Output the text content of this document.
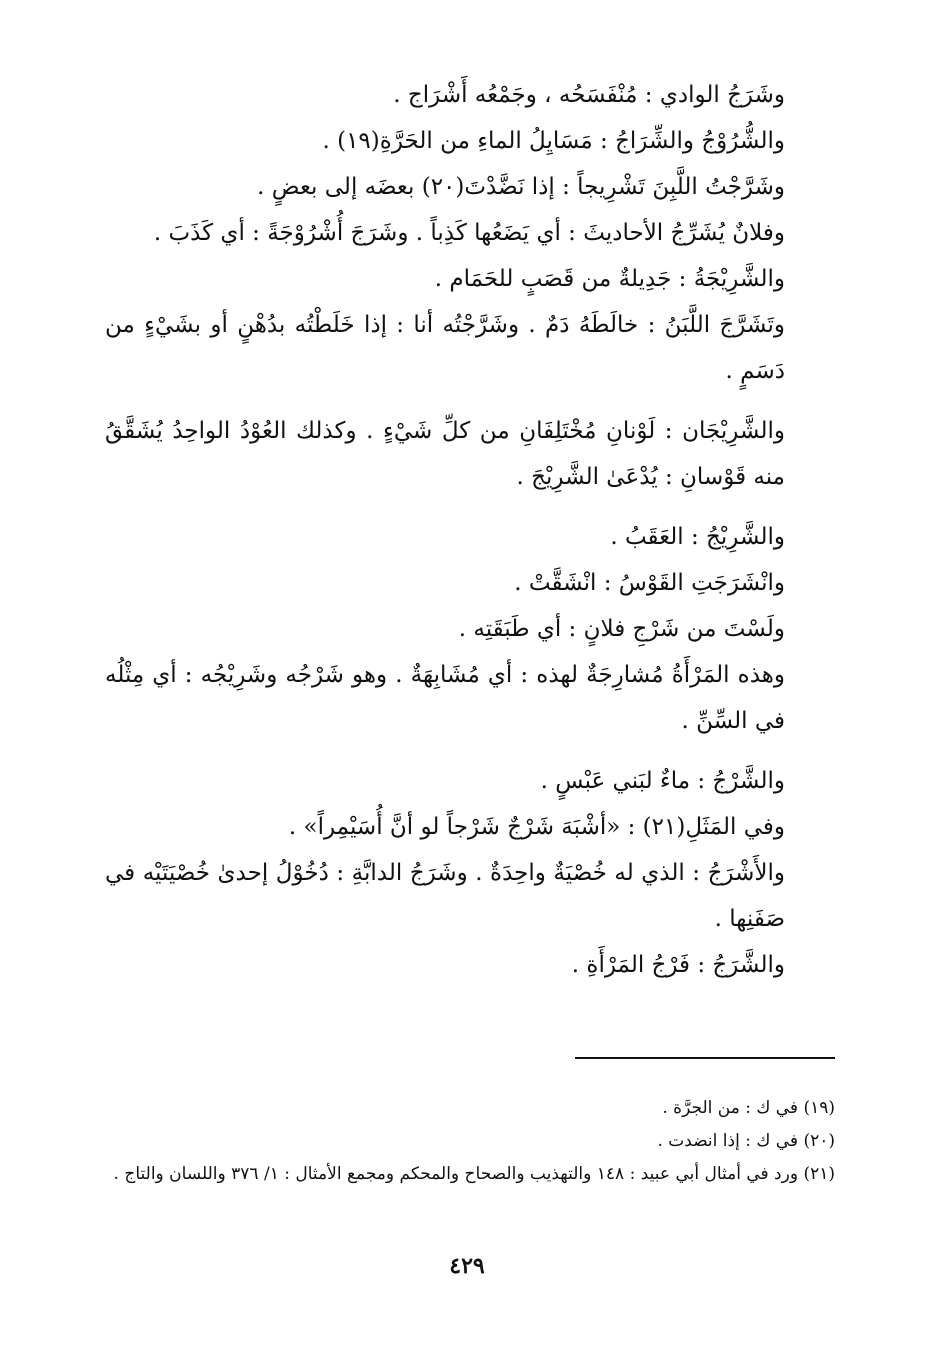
وشَرَجُ الوادي : مُنْفَسَحُه ، وجَمْعُه أَشْرَاج .

والشُّرُوْجُ والشِّرَاجُ : مَسَايِلُ الماءِ من الحَرَّةِ(١٩) .

وشَرَّجْتُ اللَّبِنَ تَشْرِيجاً : إذا نَضَّدْتَ(٢٠) بعضَه إلى بعضٍ .

وفلانٌ يُشَرِّجُ الأحاديثَ : أي يَضَعُها كَذِباً . وشَرَجَ أُشْرُوْجَةً : أي كَذَبَ .

والشَّرِيْجَةُ : جَدِيلةٌ من قَصَبٍ للحَمَام .

وتَشَرَّجَ اللَّبَنُ : خالَطَهُ دَمٌ . وشَرَّجْتُه أنا : إذا خَلَطْتُه بدُهْنٍ أو بشَيْءٍ من دَسَمٍ .

والشَّرِيْجَان : لَوْنانِ مُخْتَلِفَانِ من كلِّ شَيْءٍ . وكذلك العُوْدُ الواحِدُ يُشَقَّقُ منه قَوْسانِ : يُدْعَىٰ الشَّرِيْجَ .

والشَّرِيْجُ : العَقَبُ .

وانْشَرَجَتِ القَوْسُ : انْشَقَّتْ .

ولَسْتَ من شَرْجِ فلانٍ : أي طَبَقَتِه .

وهذه المَرْأَةُ مُشارِجَةٌ لهذه : أي مُشَابِهَةٌ . وهو شَرْجُه وشَرِيْجُه : أي مِثْلُه في السِّنِّ .

والشَّرْجُ : ماءٌ لبَني عَبْسٍ .

وفي المَثَلِ(٢١) : «أشْبَهَ شَرْجٌ شَرْجاً لو أنَّ أُسَيْمِراً» .

والأَشْرَجُ : الذي له خُصْيَةٌ واحِدَةٌ . وشَرَجُ الدابَّةِ : دُخُوْلُ إحدىٰ خُصْيَتَيْه في صَفَنِها .

والشَّرَجُ : فَرْجُ المَرْأَةِ .

(١٩) في ك : من الجرَّة .

(٢٠) في ك : إذا انضدت .

(٢١) ورد في أمثال أبي عبيد : ١٤٨ والتهذيب والصحاح والمحكم ومجمع الأمثال : ١/ ٣٧٦ واللسان والتاج .

٤٢٩
